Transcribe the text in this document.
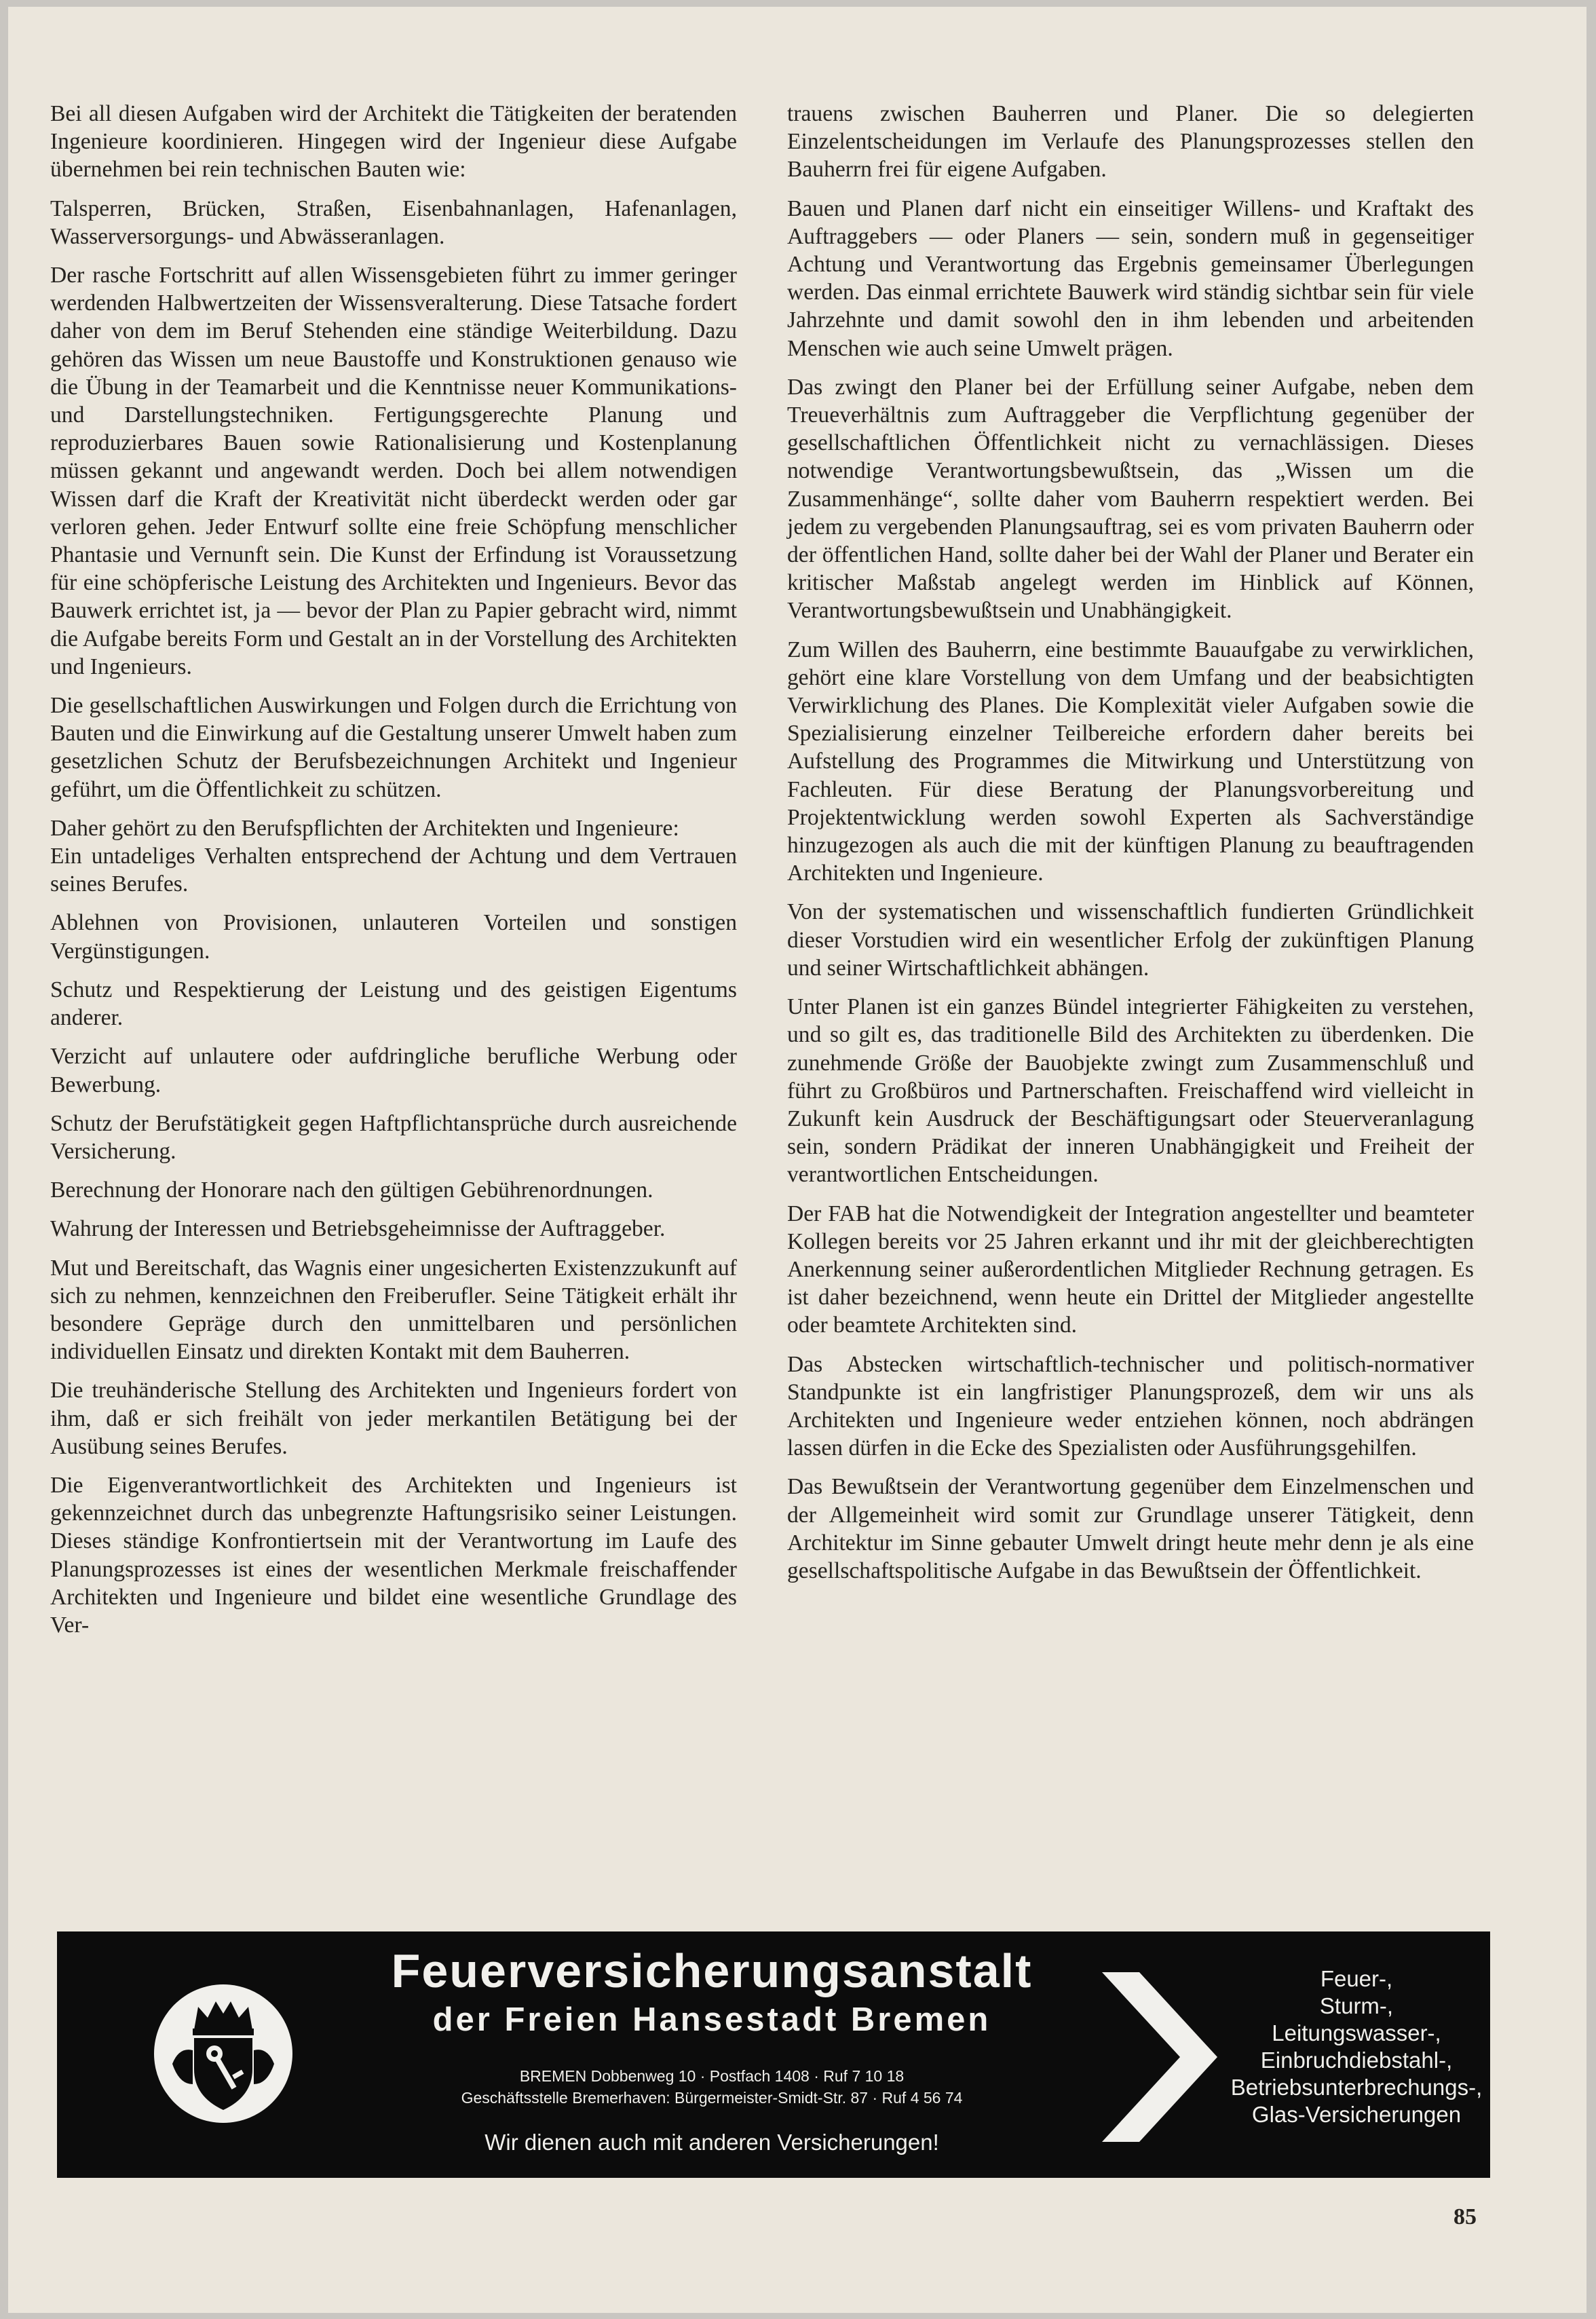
Bei all diesen Aufgaben wird der Architekt die Tätigkeiten der beratenden Ingenieure koordinieren. Hingegen wird der Ingenieur diese Aufgabe übernehmen bei rein technischen Bauten wie:

Talsperren, Brücken, Straßen, Eisenbahnanlagen, Hafenanlagen, Wasserversorgungs- und Abwässeranlagen.

Der rasche Fortschritt auf allen Wissensgebieten führt zu immer geringer werdenden Halbwertzeiten der Wissensveralterung. Diese Tatsache fordert daher von dem im Beruf Stehenden eine ständige Weiterbildung. Dazu gehören das Wissen um neue Baustoffe und Konstruktionen genauso wie die Übung in der Teamarbeit und die Kenntnisse neuer Kommunikations- und Darstellungstechniken. Fertigungsgerechte Planung und reproduzierbares Bauen sowie Rationalisierung und Kostenplanung müssen gekannt und angewandt werden. Doch bei allem notwendigen Wissen darf die Kraft der Kreativität nicht überdeckt werden oder gar verloren gehen. Jeder Entwurf sollte eine freie Schöpfung menschlicher Phantasie und Vernunft sein. Die Kunst der Erfindung ist Voraussetzung für eine schöpferische Leistung des Architekten und Ingenieurs. Bevor das Bauwerk errichtet ist, ja — bevor der Plan zu Papier gebracht wird, nimmt die Aufgabe bereits Form und Gestalt an in der Vorstellung des Architekten und Ingenieurs.

Die gesellschaftlichen Auswirkungen und Folgen durch die Errichtung von Bauten und die Einwirkung auf die Gestaltung unserer Umwelt haben zum gesetzlichen Schutz der Berufsbezeichnungen Architekt und Ingenieur geführt, um die Öffentlichkeit zu schützen.

Daher gehört zu den Berufspflichten der Architekten und Ingenieure:
Ein untadeliges Verhalten entsprechend der Achtung und dem Vertrauen seines Berufes.

Ablehnen von Provisionen, unlauteren Vorteilen und sonstigen Vergünstigungen.

Schutz und Respektierung der Leistung und des geistigen Eigentums anderer.

Verzicht auf unlautere oder aufdringliche berufliche Werbung oder Bewerbung.

Schutz der Berufstätigkeit gegen Haftpflichtansprüche durch ausreichende Versicherung.

Berechnung der Honorare nach den gültigen Gebührenordnungen.

Wahrung der Interessen und Betriebsgeheimnisse der Auftraggeber.

Mut und Bereitschaft, das Wagnis einer ungesicherten Existenzzukunft auf sich zu nehmen, kennzeichnen den Freiberufler. Seine Tätigkeit erhält ihr besondere Gepräge durch den unmittelbaren und persönlichen individuellen Einsatz und direkten Kontakt mit dem Bauherren.

Die treuhänderische Stellung des Architekten und Ingenieurs fordert von ihm, daß er sich freihält von jeder merkantilen Betätigung bei der Ausübung seines Berufes.

Die Eigenverantwortlichkeit des Architekten und Ingenieurs ist gekennzeichnet durch das unbegrenzte Haftungsrisiko seiner Leistungen. Dieses ständige Konfrontiertsein mit der Verantwortung im Laufe des Planungsprozesses ist eines der wesentlichen Merkmale freischaffender Architekten und Ingenieure und bildet eine wesentliche Grundlage des Ver-

trauens zwischen Bauherren und Planer. Die so delegierten Einzelentscheidungen im Verlaufe des Planungsprozesses stellen den Bauherrn frei für eigene Aufgaben.

Bauen und Planen darf nicht ein einseitiger Willens- und Kraftakt des Auftraggebers — oder Planers — sein, sondern muß in gegenseitiger Achtung und Verantwortung das Ergebnis gemeinsamer Überlegungen werden. Das einmal errichtete Bauwerk wird ständig sichtbar sein für viele Jahrzehnte und damit sowohl den in ihm lebenden und arbeitenden Menschen wie auch seine Umwelt prägen.

Das zwingt den Planer bei der Erfüllung seiner Aufgabe, neben dem Treueverhältnis zum Auftraggeber die Verpflichtung gegenüber der gesellschaftlichen Öffentlichkeit nicht zu vernachlässigen. Dieses notwendige Verantwortungsbewußtsein, das „Wissen um die Zusammenhänge“, sollte daher vom Bauherrn respektiert werden. Bei jedem zu vergebenden Planungsauftrag, sei es vom privaten Bauherrn oder der öffentlichen Hand, sollte daher bei der Wahl der Planer und Berater ein kritischer Maßstab angelegt werden im Hinblick auf Können, Verantwortungsbewußtsein und Unabhängigkeit.

Zum Willen des Bauherrn, eine bestimmte Bauaufgabe zu verwirklichen, gehört eine klare Vorstellung von dem Umfang und der beabsichtigten Verwirklichung des Planes. Die Komplexität vieler Aufgaben sowie die Spezialisierung einzelner Teilbereiche erfordern daher bereits bei Aufstellung des Programmes die Mitwirkung und Unterstützung von Fachleuten. Für diese Beratung der Planungsvorbereitung und Projektentwicklung werden sowohl Experten als Sachverständige hinzugezogen als auch die mit der künftigen Planung zu beauftragenden Architekten und Ingenieure.

Von der systematischen und wissenschaftlich fundierten Gründlichkeit dieser Vorstudien wird ein wesentlicher Erfolg der zukünftigen Planung und seiner Wirtschaftlichkeit abhängen.

Unter Planen ist ein ganzes Bündel integrierter Fähigkeiten zu verstehen, und so gilt es, das traditionelle Bild des Architekten zu überdenken. Die zunehmende Größe der Bauobjekte zwingt zum Zusammenschluß und führt zu Großbüros und Partnerschaften. Freischaffend wird vielleicht in Zukunft kein Ausdruck der Beschäftigungsart oder Steuerveranlagung sein, sondern Prädikat der inneren Unabhängigkeit und Freiheit der verantwortlichen Entscheidungen.

Der FAB hat die Notwendigkeit der Integration angestellter und beamteter Kollegen bereits vor 25 Jahren erkannt und ihr mit der gleichberechtigten Anerkennung seiner außerordentlichen Mitglieder Rechnung getragen. Es ist daher bezeichnend, wenn heute ein Drittel der Mitglieder angestellte oder beamtete Architekten sind.

Das Abstecken wirtschaftlich-technischer und politisch-normativer Standpunkte ist ein langfristiger Planungsprozeß, dem wir uns als Architekten und Ingenieure weder entziehen können, noch abdrängen lassen dürfen in die Ecke des Spezialisten oder Ausführungsgehilfen.

Das Bewußtsein der Verantwortung gegenüber dem Einzelmenschen und der Allgemeinheit wird somit zur Grundlage unserer Tätigkeit, denn Architektur im Sinne gebauter Umwelt dringt heute mehr denn je als eine gesellschaftspolitische Aufgabe in das Bewußtsein der Öffentlichkeit.

Feuerversicherungsanstalt
der Freien Hansestadt Bremen
BREMEN Dobbenweg 10 · Postfach 1408 · Ruf 7 10 18
Geschäftsstelle Bremerhaven: Bürgermeister-Smidt-Str. 87 · Ruf 4 56 74
Wir dienen auch mit anderen Versicherungen!
Feuer-,
Sturm-,
Leitungswasser-,
Einbruchdiebstahl-,
Betriebsunterbrechungs-,
Glas-Versicherungen
85
